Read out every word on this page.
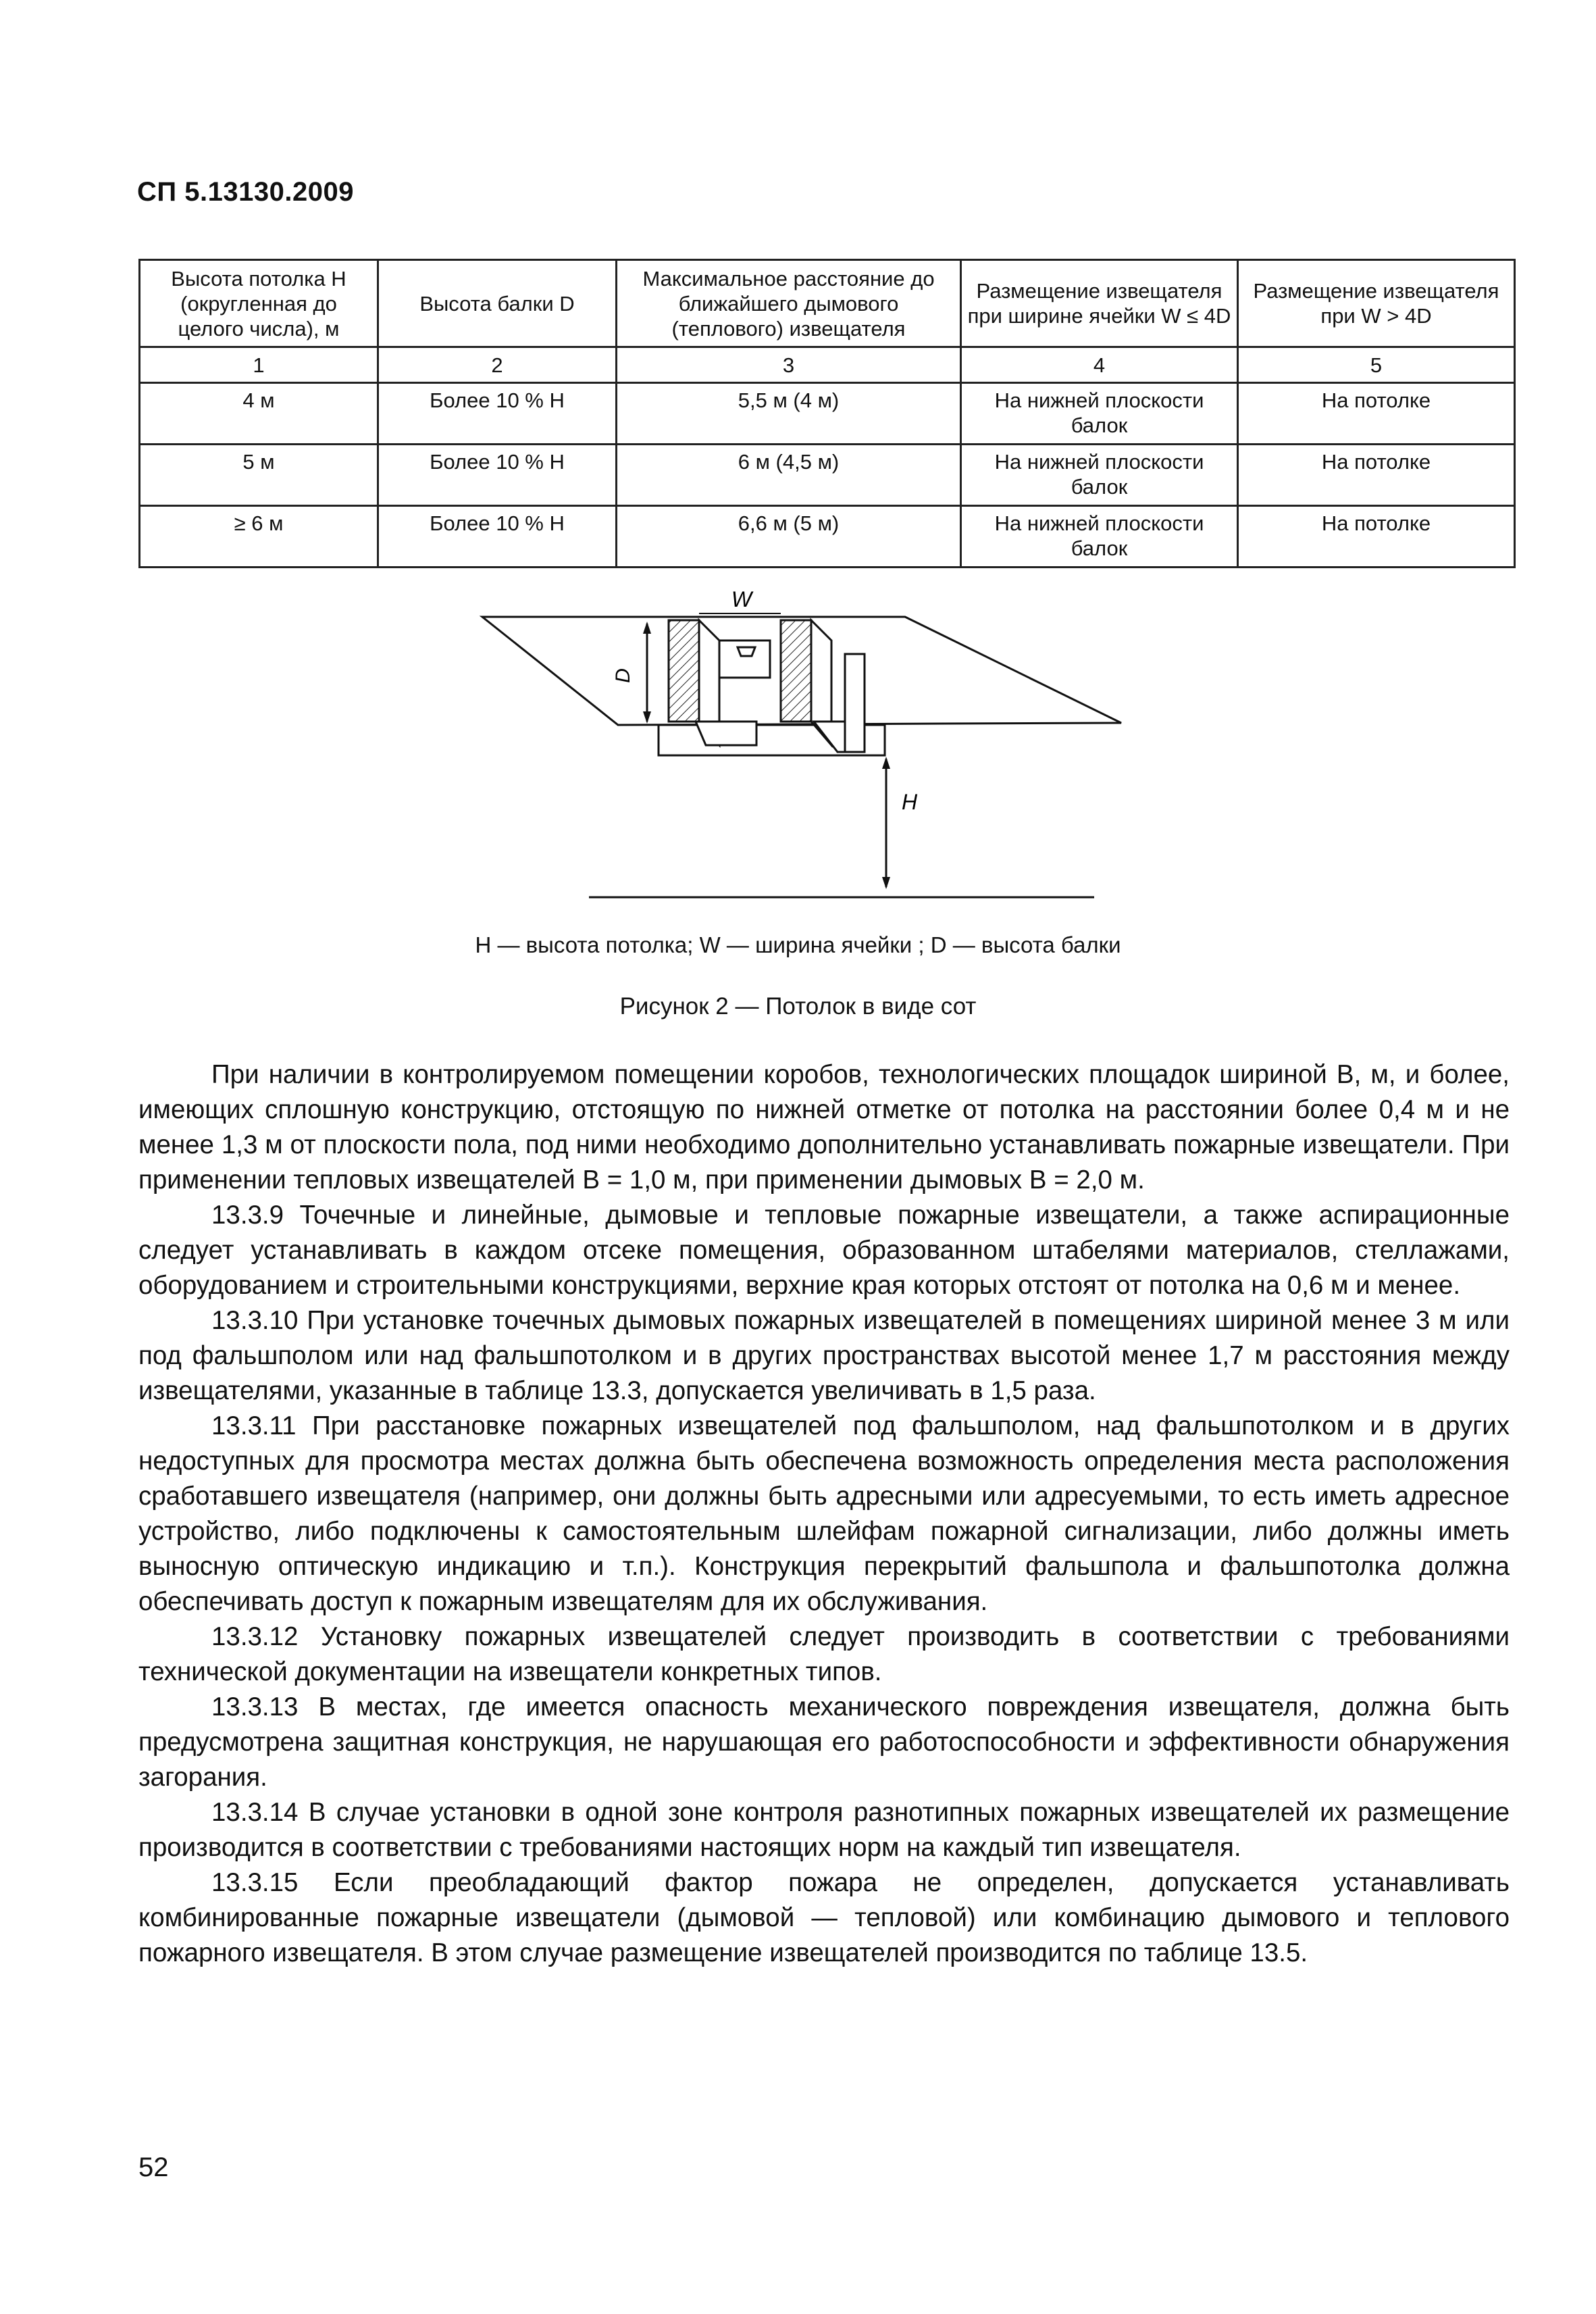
СП 5.13130.2009
Высота потолка H (округленная до целого числа), м	Высота балки D	Максимальное расстояние до ближайшего дымового (теплового) извещателя	Размещение извещателя при ширине ячейки W ≤ 4D	Размещение извещателя при W > 4D
1	2	3	4	5
4 м	Более 10 % H	5,5 м (4 м)	На нижней плоскости балок	На потолке
5 м	Более 10 % H	6 м (4,5 м)	На нижней плоскости балок	На потолке
≥ 6 м	Более 10 % H	6,6 м (5 м)	На нижней плоскости балок	На потолке
W
D
H
H — высота потолка; W — ширина ячейки ; D — высота балки
Рисунок 2 — Потолок в виде сот

При наличии в контролируемом помещении коробов, технологических площадок шириной B, м, и более, имеющих сплошную конструкцию, отстоящую по нижней отметке от потолка на расстоянии более 0,4 м и не менее 1,3 м от плоскости пола, под ними необходимо дополнительно устанавливать пожарные извещатели. При применении тепловых извещателей B = 1,0 м, при применении дымовых B = 2,0 м.

13.3.9 Точечные и линейные, дымовые и тепловые пожарные извещатели, а также аспирационные следует устанавливать в каждом отсеке помещения, образованном штабелями материалов, стеллажами, оборудованием и строительными конструкциями, верхние края которых отстоят от потолка на 0,6 м и менее.

13.3.10 При установке точечных дымовых пожарных извещателей в помещениях шириной менее 3 м или под фальшполом или над фальшпотолком и в других пространствах высотой менее 1,7 м расстояния между извещателями, указанные в таблице 13.3, допускается увеличивать в 1,5 раза.

13.3.11 При расстановке пожарных извещателей под фальшполом, над фальшпотолком и в других недоступных для просмотра местах должна быть обеспечена возможность определения места расположения сработавшего извещателя (например, они должны быть адресными или адресуемыми, то есть иметь адресное устройство, либо подключены к самостоятельным шлейфам пожарной сигнализации, либо должны иметь выносную оптическую индикацию и т.п.). Конструкция перекрытий фальшпола и фальшпотолка должна обеспечивать доступ к пожарным извещателям для их обслуживания.

13.3.12 Установку пожарных извещателей следует производить в соответствии с требованиями технической документации на извещатели конкретных типов.

13.3.13 В местах, где имеется опасность механического повреждения извещателя, должна быть предусмотрена защитная конструкция, не нарушающая его работоспособности и эффективности обнаружения загорания.

13.3.14 В случае установки в одной зоне контроля разнотипных пожарных извещателей их размещение производится в соответствии с требованиями настоящих норм на каждый тип извещателя.

13.3.15 Если преобладающий фактор пожара не определен, допускается устанавливать комбинированные пожарные извещатели (дымовой — тепловой) или комбинацию дымового и теплового пожарного извещателя. В этом случае размещение извещателей производится по таблице 13.5.

52
